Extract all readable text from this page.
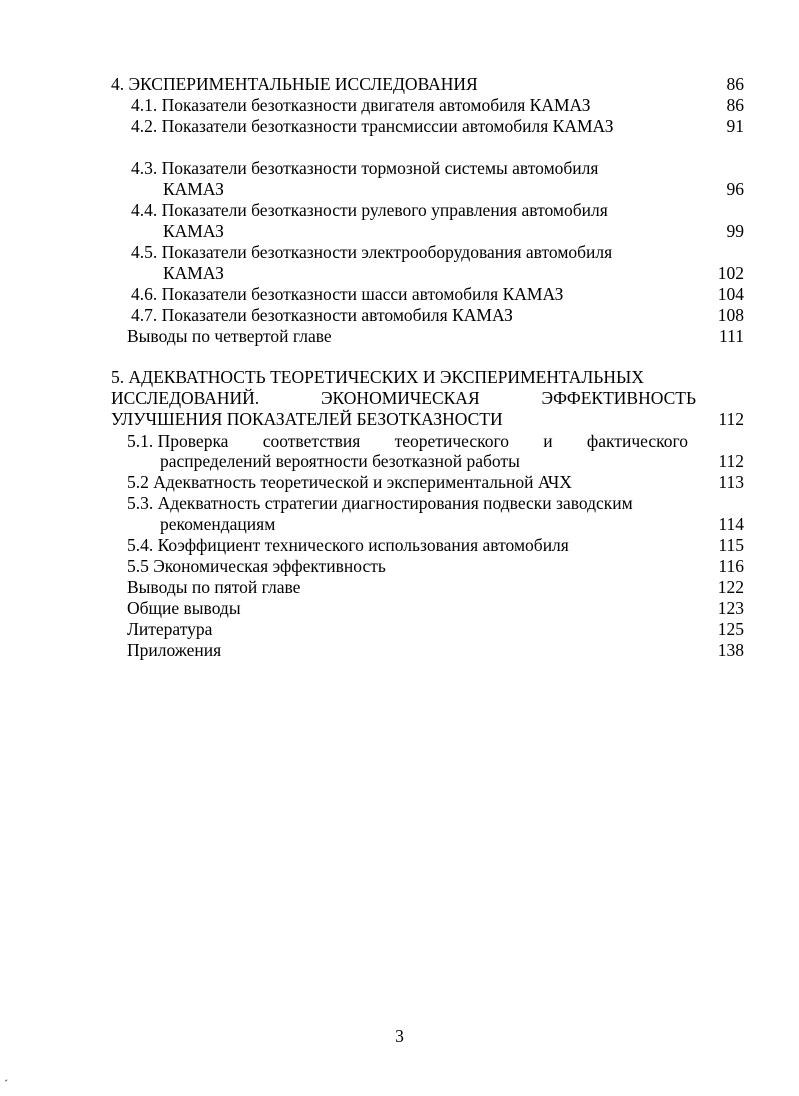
4. ЭКСПЕРИМЕНТАЛЬНЫЕ ИССЛЕДОВАНИЯ	86
4.1. Показатели безотказности двигателя автомобиля КАМАЗ	86
4.2. Показатели безотказности трансмиссии автомобиля КАМАЗ	91
4.3. Показатели безотказности тормозной системы автомобиля
КАМАЗ	96
4.4. Показатели безотказности рулевого управления автомобиля
КАМАЗ	99
4.5. Показатели безотказности электрооборудования автомобиля
КАМАЗ	102
4.6. Показатели безотказности шасси автомобиля КАМАЗ	104
4.7. Показатели безотказности автомобиля КАМАЗ	108
Выводы по четвертой главе	111
5. АДЕКВАТНОСТЬ ТЕОРЕТИЧЕСКИХ И ЭКСПЕРИМЕНТАЛЬНЫХ
ИССЛЕДОВАНИЙ.	ЭКОНОМИЧЕСКАЯ	ЭФФЕКТИВНОСТЬ
УЛУЧШЕНИЯ ПОКАЗАТЕЛЕЙ БЕЗОТКАЗНОСТИ	112
5.1. Проверка соответствия теоретического и фактического
распределений вероятности безотказной работы	112
5.2 Адекватность теоретической и экспериментальной АЧХ	113
5.3. Адекватность стратегии диагностирования подвески заводским
рекомендациям	114
5.4. Коэффициент технического использования автомобиля	115
5.5 Экономическая эффективность	116
Выводы по пятой главе	122
Общие выводы	123
Литература	125
Приложения	138
3
ˊ
